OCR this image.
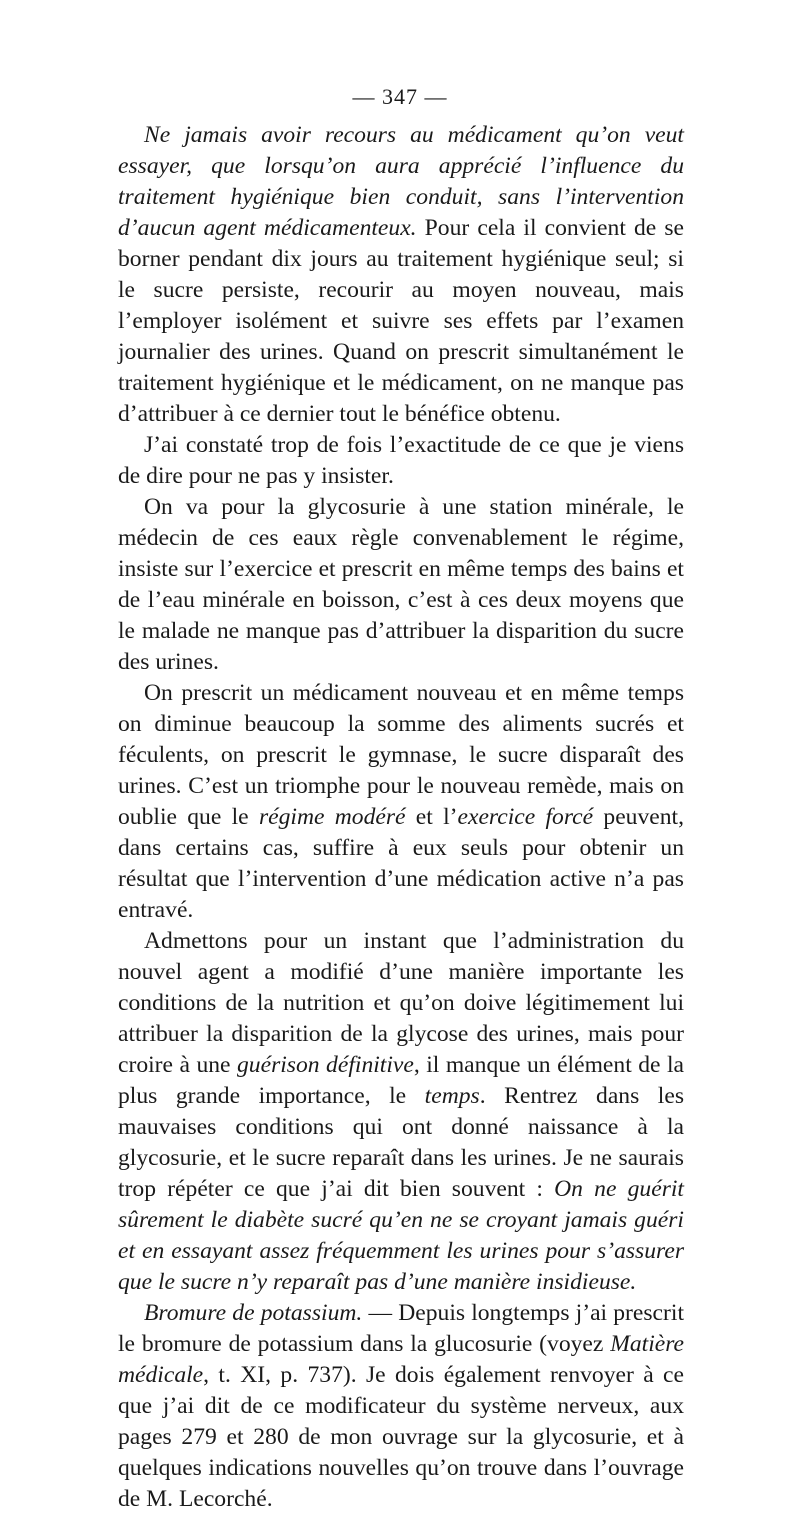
— 347 —

Ne jamais avoir recours au médicament qu’on veut essayer, que lorsqu’on aura apprécié l’influence du traitement hygiénique bien conduit, sans l’intervention d’aucun agent médicamenteux. Pour cela il convient de se borner pendant dix jours au traitement hygiénique seul; si le sucre persiste, recourir au moyen nouveau, mais l’employer isolément et suivre ses effets par l’examen journalier des urines. Quand on prescrit simultanément le traitement hygiénique et le médicament, on ne manque pas d’attribuer à ce dernier tout le bénéfice obtenu.

J’ai constaté trop de fois l’exactitude de ce que je viens de dire pour ne pas y insister.

On va pour la glycosurie à une station minérale, le médecin de ces eaux règle convenablement le régime, insiste sur l’exercice et prescrit en même temps des bains et de l’eau minérale en boisson, c’est à ces deux moyens que le malade ne manque pas d’attribuer la disparition du sucre des urines.

On prescrit un médicament nouveau et en même temps on diminue beaucoup la somme des aliments sucrés et féculents, on prescrit le gymnase, le sucre disparaît des urines. C’est un triomphe pour le nouveau remède, mais on oublie que le régime modéré et l’exercice forcé peuvent, dans certains cas, suffire à eux seuls pour obtenir un résultat que l’intervention d’une médication active n’a pas entravé.

Admettons pour un instant que l’administration du nouvel agent a modifié d’une manière importante les conditions de la nutrition et qu’on doive légitimement lui attribuer la disparition de la glycose des urines, mais pour croire à une guérison définitive, il manque un élément de la plus grande importance, le temps. Rentrez dans les mauvaises conditions qui ont donné naissance à la glycosurie, et le sucre reparaît dans les urines. Je ne saurais trop répéter ce que j’ai dit bien souvent : On ne guérit sûrement le diabète sucré qu’en ne se croyant jamais guéri et en essayant assez fréquemment les urines pour s’assurer que le sucre n’y reparaît pas d’une manière insidieuse.

Bromure de potassium. — Depuis longtemps j’ai prescrit le bromure de potassium dans la glucosurie (voyez Matière médicale, t. XI, p. 737). Je dois également renvoyer à ce que j’ai dit de ce modificateur du système nerveux, aux pages 279 et 280 de mon ouvrage sur la glycosurie, et à quelques indications nouvelles qu’on trouve dans l’ouvrage de M. Lecorché.
